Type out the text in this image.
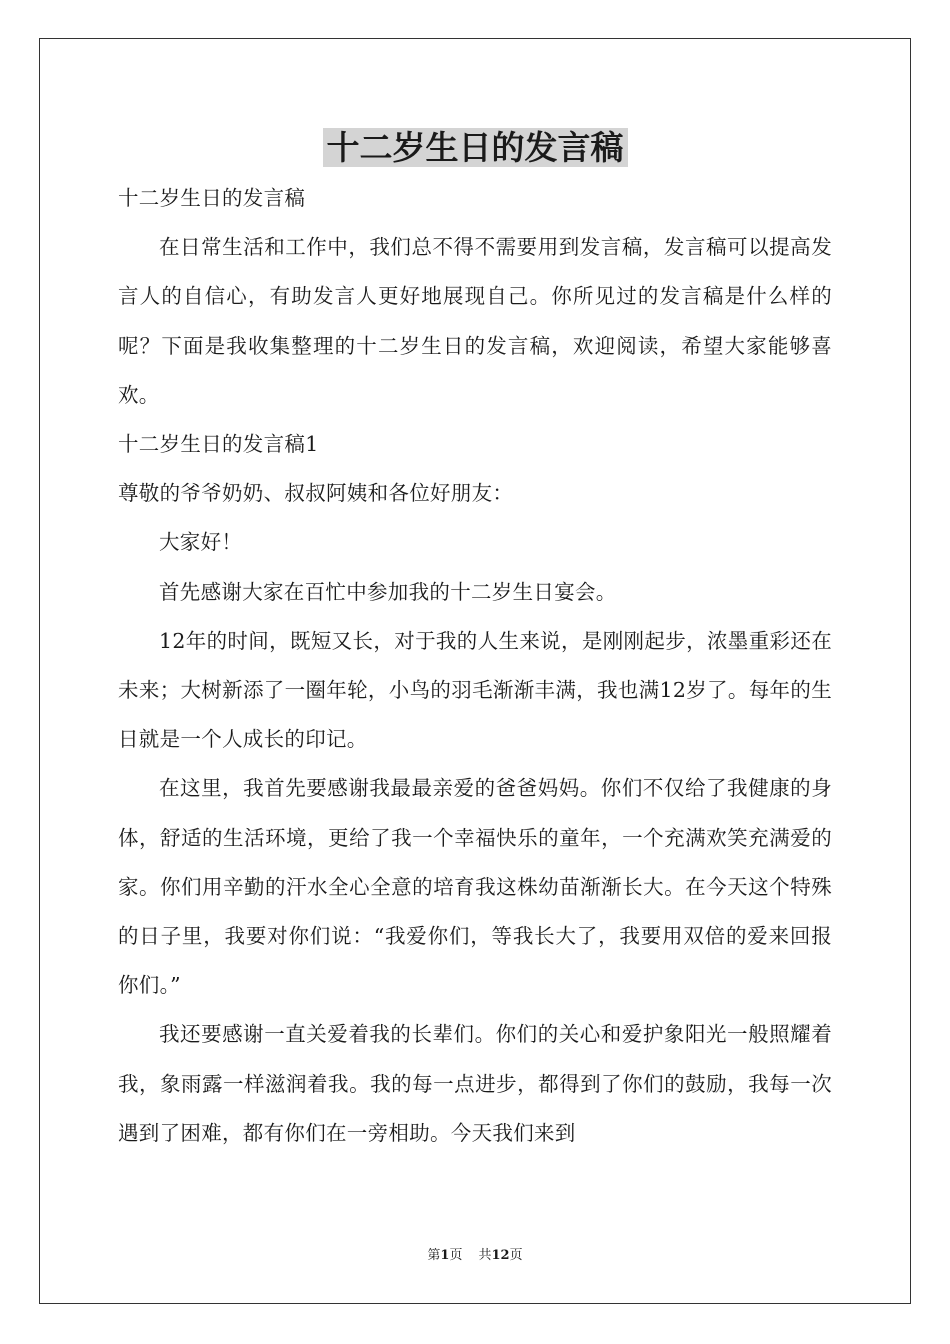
十二岁生日的发言稿

十二岁生日的发言稿

在日常生活和工作中，我们总不得不需要用到发言稿，发言稿可以提高发言人的自信心，有助发言人更好地展现自己。你所见过的发言稿是什么样的呢？下面是我收集整理的十二岁生日的发言稿，欢迎阅读，希望大家能够喜欢。

十二岁生日的发言稿1

尊敬的爷爷奶奶、叔叔阿姨和各位好朋友：

大家好！

首先感谢大家在百忙中参加我的十二岁生日宴会。

12年的时间，既短又长，对于我的人生来说，是刚刚起步，浓墨重彩还在未来；大树新添了一圈年轮，小鸟的羽毛渐渐丰满，我也满12岁了。每年的生日就是一个人成长的印记。

在这里，我首先要感谢我最最亲爱的爸爸妈妈。你们不仅给了我健康的身体，舒适的生活环境，更给了我一个幸福快乐的童年，一个充满欢笑充满爱的家。你们用辛勤的汗水全心全意的培育我这株幼苗渐渐长大。在今天这个特殊的日子里，我要对你们说：“我爱你们，等我长大了，我要用双倍的爱来回报你们。”

我还要感谢一直关爱着我的长辈们。你们的关心和爱护象阳光一般照耀着我，象雨露一样滋润着我。我的每一点进步，都得到了你们的鼓励，我每一次遇到了困难，都有你们在一旁相助。今天我们来到

第1页 共12页
